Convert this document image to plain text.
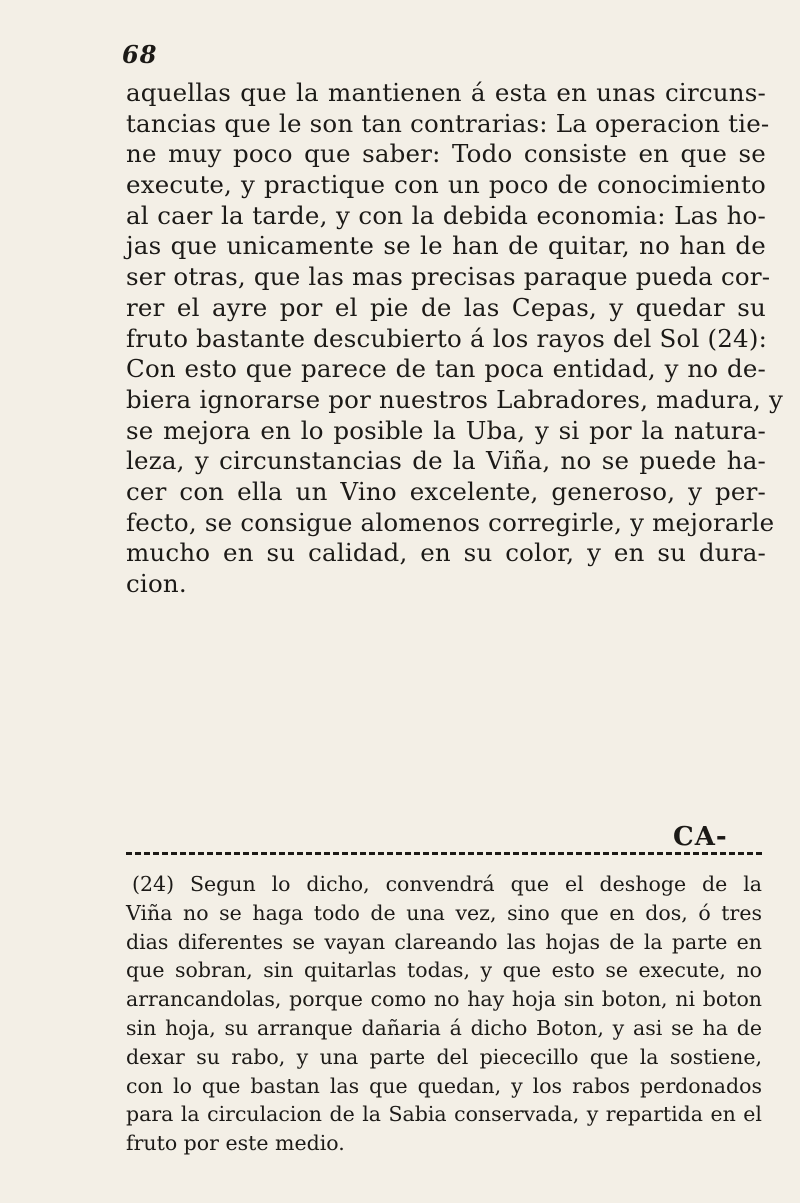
68
aquellas que la mantienen á esta en unas circuns-
tancias que le son tan contrarias: La operacion tie-
ne muy poco que saber: Todo consiste en que se
execute, y practique con un poco de conocimiento
al caer la tarde, y con la debida economia: Las ho-
jas que unicamente se le han de quitar, no han de
ser otras, que las mas precisas paraque pueda cor-
rer el ayre por el pie de las Cepas, y quedar su
fruto bastante descubierto á los rayos del Sol (24):
Con esto que parece de tan poca entidad, y no de-
biera ignorarse por nuestros Labradores, madura, y
se mejora en lo posible la Uba, y si por la natura-
leza, y circunstancias de la Viña, no se puede ha-
cer con ella un Vino excelente, generoso, y per-
fecto, se consigue alomenos corregirle, y mejorarle
mucho en su calidad, en su color, y en su dura-
cion.
CA-
(24) Segun lo dicho, convendrá que el deshoge de la
Viña no se haga todo de una vez, sino que en dos, ó tres
dias diferentes se vayan clareando las hojas de la parte en
que sobran, sin quitarlas todas, y que esto se execute, no
arrancandolas, porque como no hay hoja sin boton, ni boton
sin hoja, su arranque dañaria á dicho Boton, y asi se ha de
dexar su rabo, y una parte del piececillo que la sostiene,
con lo que bastan las que quedan, y los rabos perdonados
para la circulacion de la Sabia conservada, y repartida en el
fruto por este medio.
